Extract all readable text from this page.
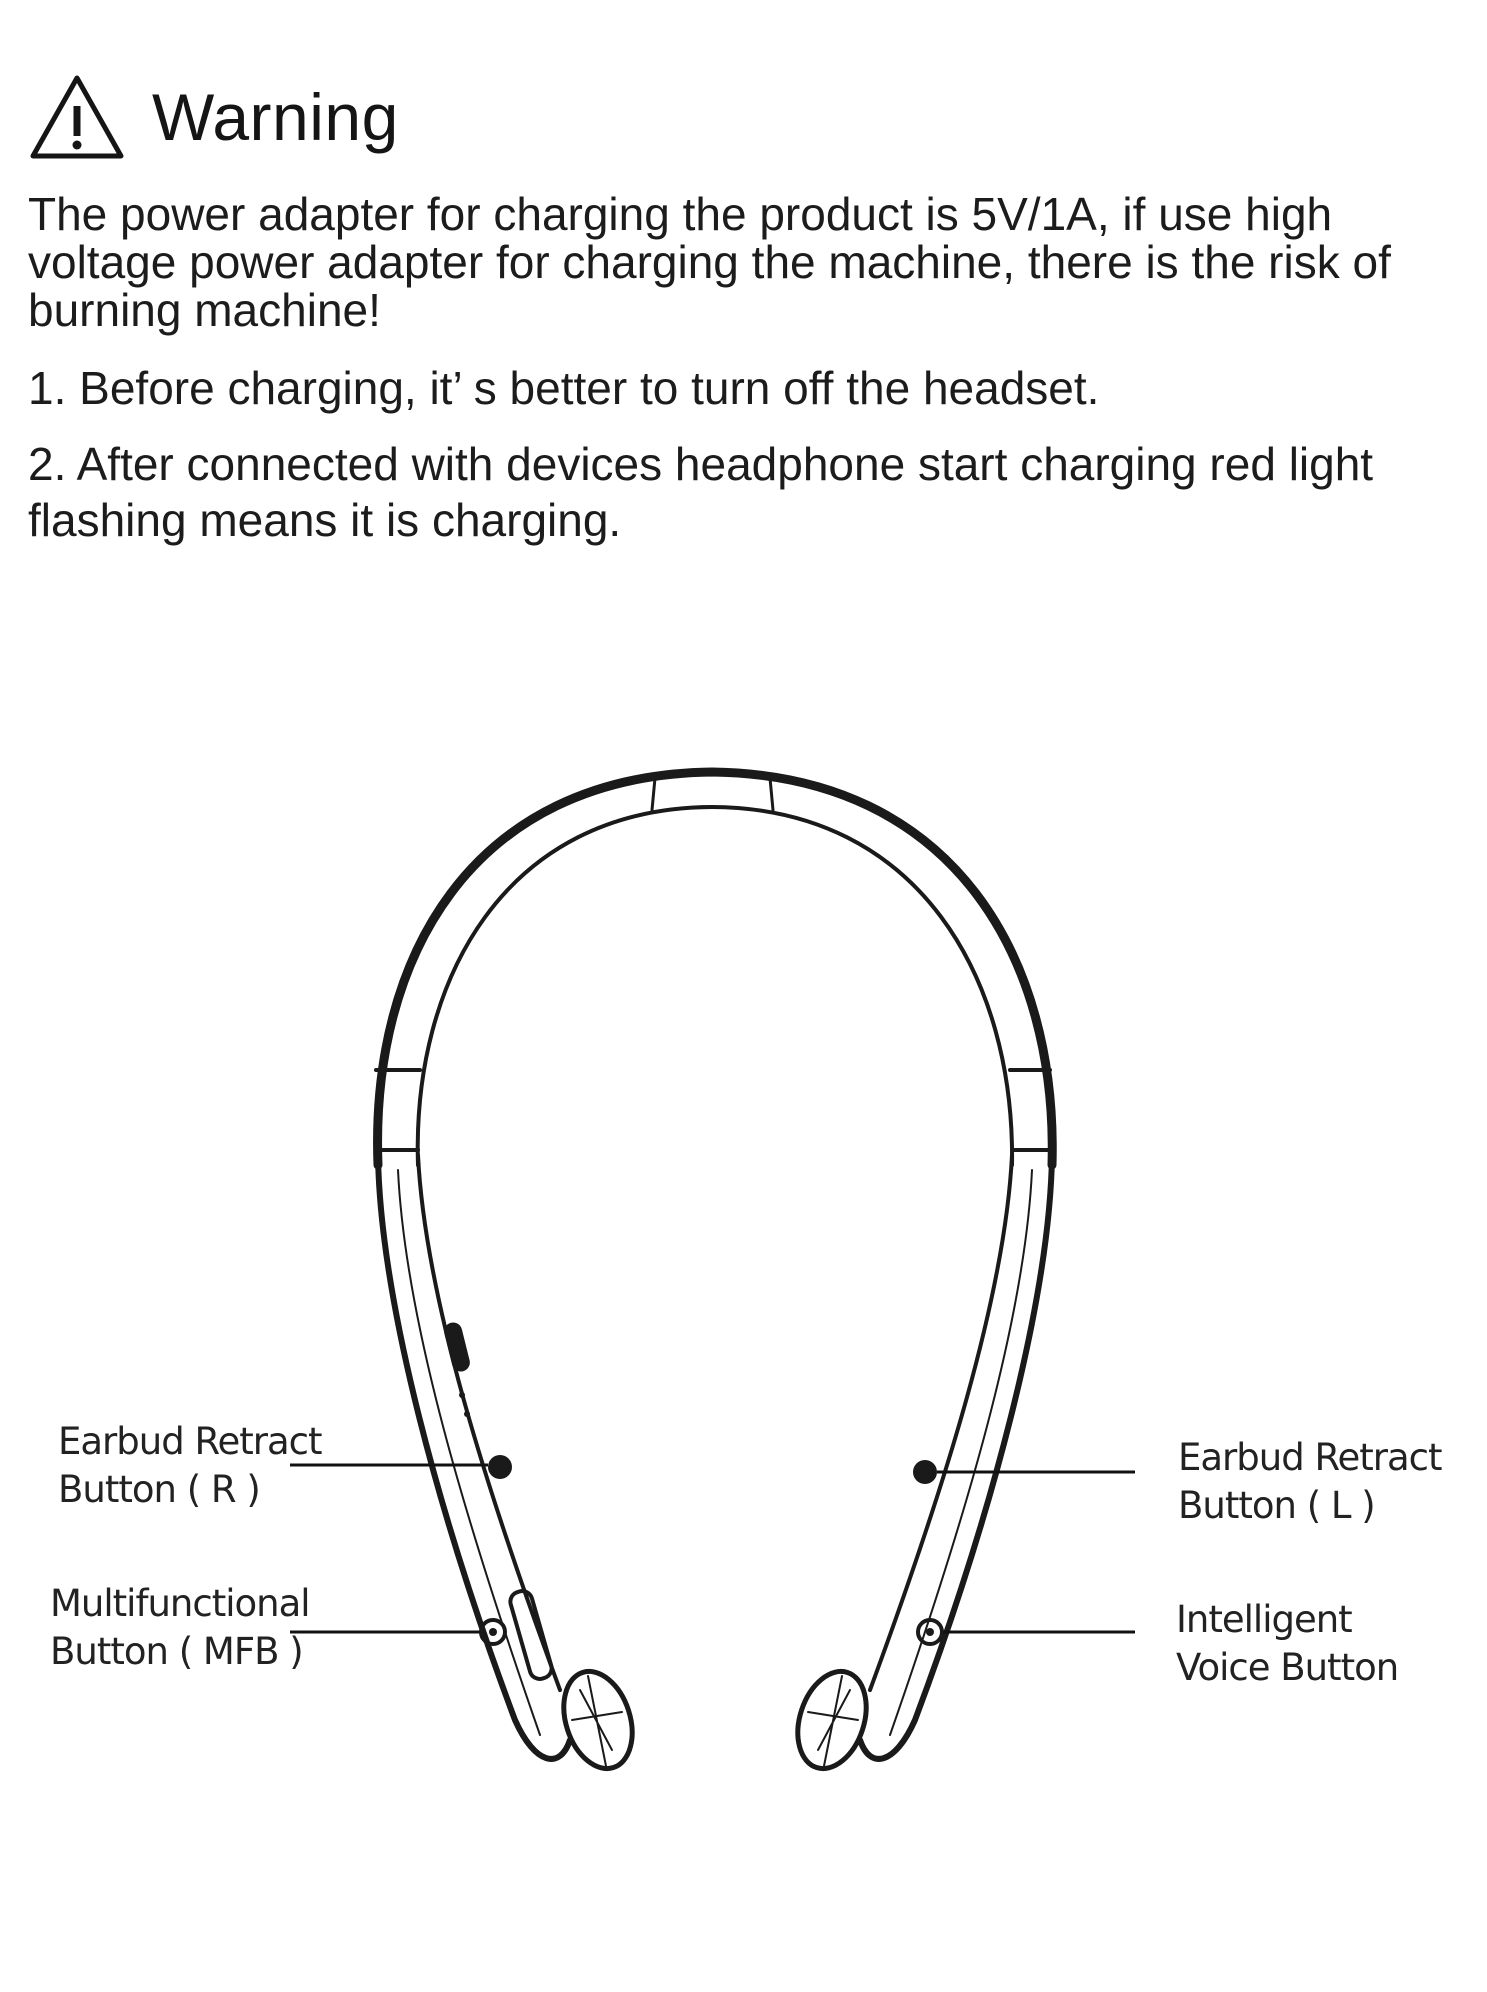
Warning

The power adapter for charging the product is 5V/1A, if use high voltage power adapter for charging the machine, there is the risk of burning machine!

1. Before charging, it’ s better to turn off the headset.

2. After connected with devices headphone start charging red light flashing means it is charging.

Earbud Retract
Button ( R )
Multifunctional
Button ( MFB )
Earbud Retract
Button ( L )
Intelligent
Voice Button
